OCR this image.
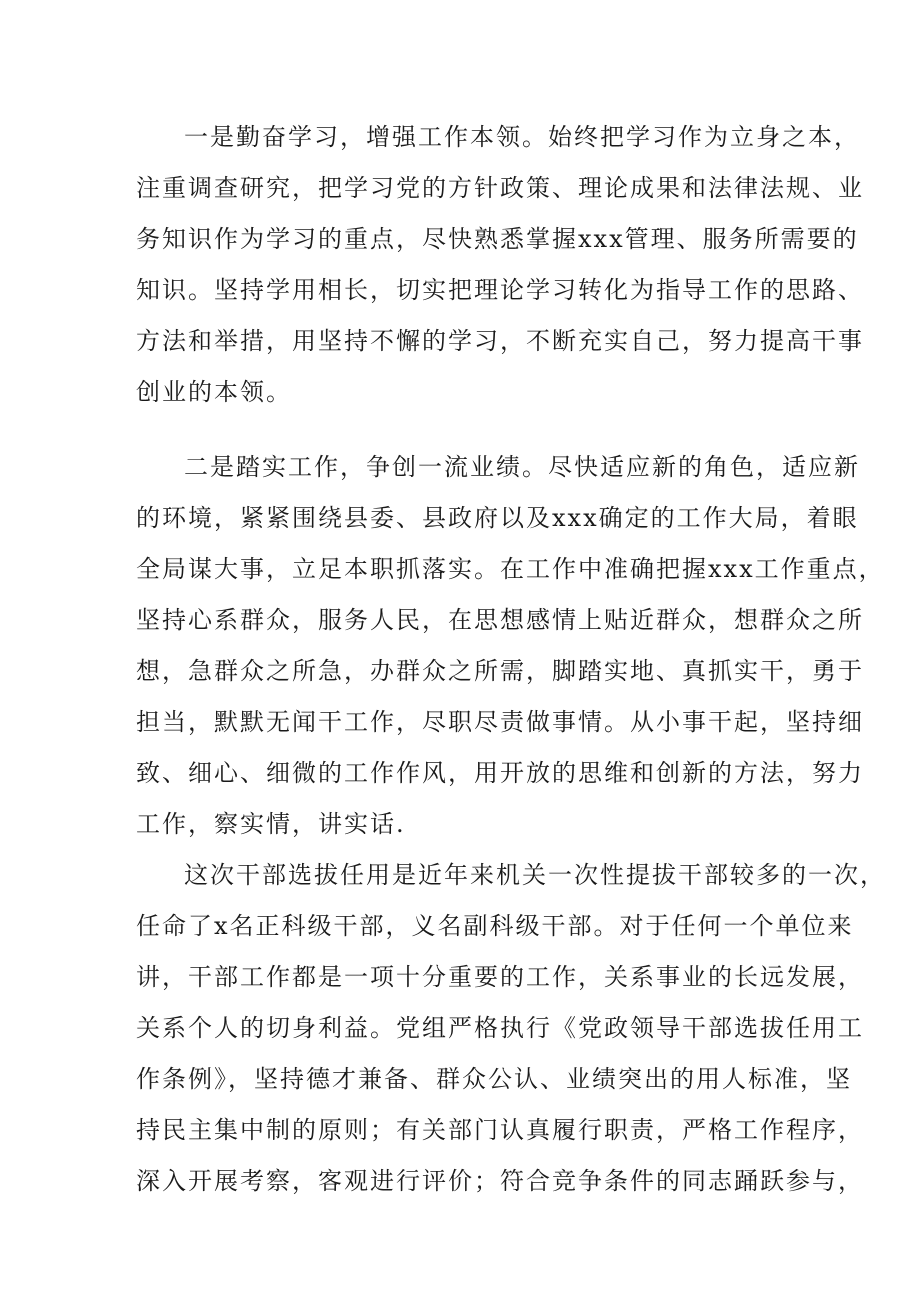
一是勤奋学习，增强工作本领。始终把学习作为立身之本，
注重调查研究，把学习党的方针政策、理论成果和法律法规、业
务知识作为学习的重点，尽快熟悉掌握xxx管理、服务所需要的
知识。坚持学用相长，切实把理论学习转化为指导工作的思路、
方法和举措，用坚持不懈的学习，不断充实自己，努力提高干事
创业的本领。
二是踏实工作，争创一流业绩。尽快适应新的角色，适应新
的环境，紧紧围绕县委、县政府以及xxx确定的工作大局，着眼
全局谋大事，立足本职抓落实。在工作中准确把握xxx工作重点，
坚持心系群众，服务人民，在思想感情上贴近群众，想群众之所
想，急群众之所急，办群众之所需，脚踏实地、真抓实干，勇于
担当，默默无闻干工作，尽职尽责做事情。从小事干起，坚持细
致、细心、细微的工作作风，用开放的思维和创新的方法，努力
工作，察实情，讲实话.
这次干部选拔任用是近年来机关一次性提拔干部较多的一次，
任命了x名正科级干部，义名副科级干部。对于任何一个单位来
讲，干部工作都是一项十分重要的工作，关系事业的长远发展，
关系个人的切身利益。党组严格执行《党政领导干部选拔任用工
作条例》，坚持德才兼备、群众公认、业绩突出的用人标准，坚
持民主集中制的原则；有关部门认真履行职责，严格工作程序，
深入开展考察，客观进行评价；符合竞争条件的同志踊跃参与，
